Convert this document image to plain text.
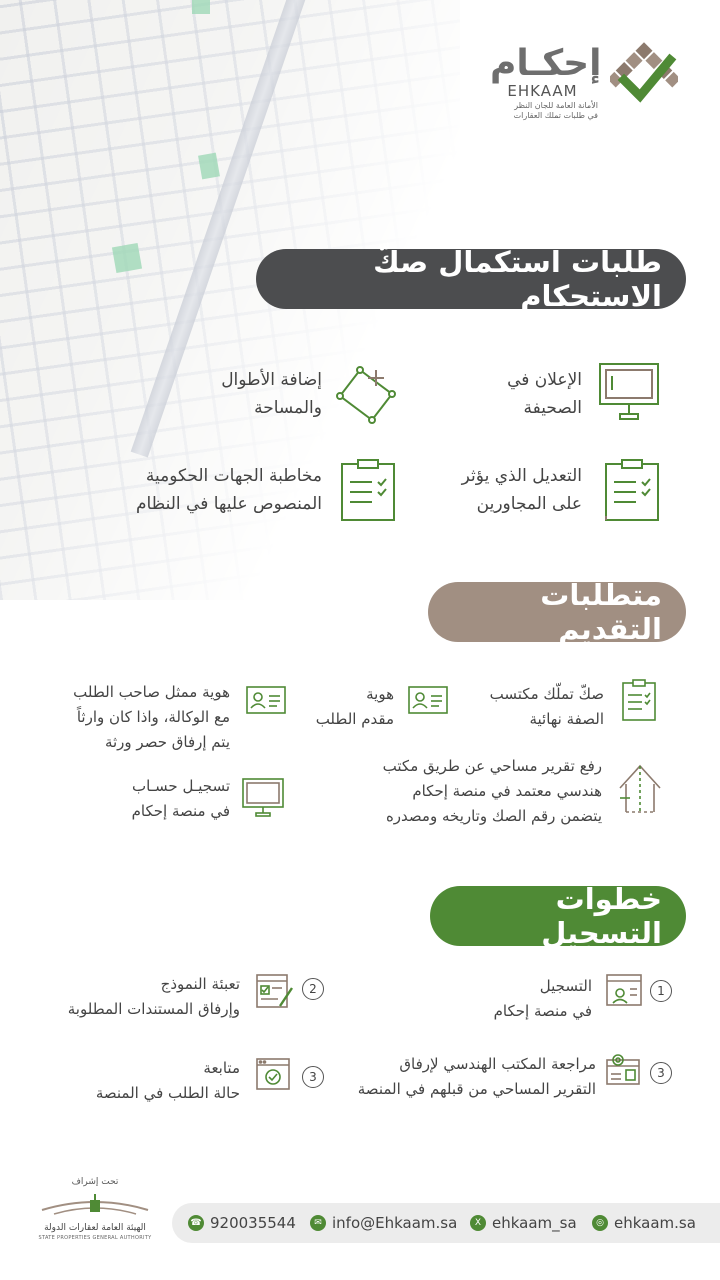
إحكـام
EHKAAM
الأمانة العامة للجان النظر
في طلبات تملك العقارات
طلبات استكمال صكّ الاستحكام
الإعلان في
الصحيفة
إضافة الأطوال
والمساحة
التعديل الذي يؤثر
على المجاورين
مخاطبة الجهات الحكومية
المنصوص عليها في النظام
متطلبات التقديم
صكّ تملّك مكتسب
الصفة نهائية
هوية
مقدم الطلب
هوية ممثل صاحب الطلب
مع الوكالة، واذا كان وارثاً
يتم إرفاق حصر ورثة
رفع تقرير مساحي عن طريق مكتب
هندسي معتمد في منصة إحكام
يتضمن رقم الصك وتاريخه ومصدره
تسجيـل حسـاب
في منصة إحكام
خطوات التسجيل
1
التسجيل
في منصة إحكام
2
تعبئة النموذج
وإرفاق المستندات المطلوبة
3
مراجعة المكتب الهندسي لإرفاق
التقرير المساحي من قبلهم في المنصة
3
متابعة
حالة الطلب في المنصة
تحت إشراف
الهيئة العامة لعقارات الدولة
STATE PROPERTIES GENERAL AUTHORITY
☎ 920035544	✉ info@Ehkaam.sa	X ehkaam_sa	◎ ehkaam.sa
